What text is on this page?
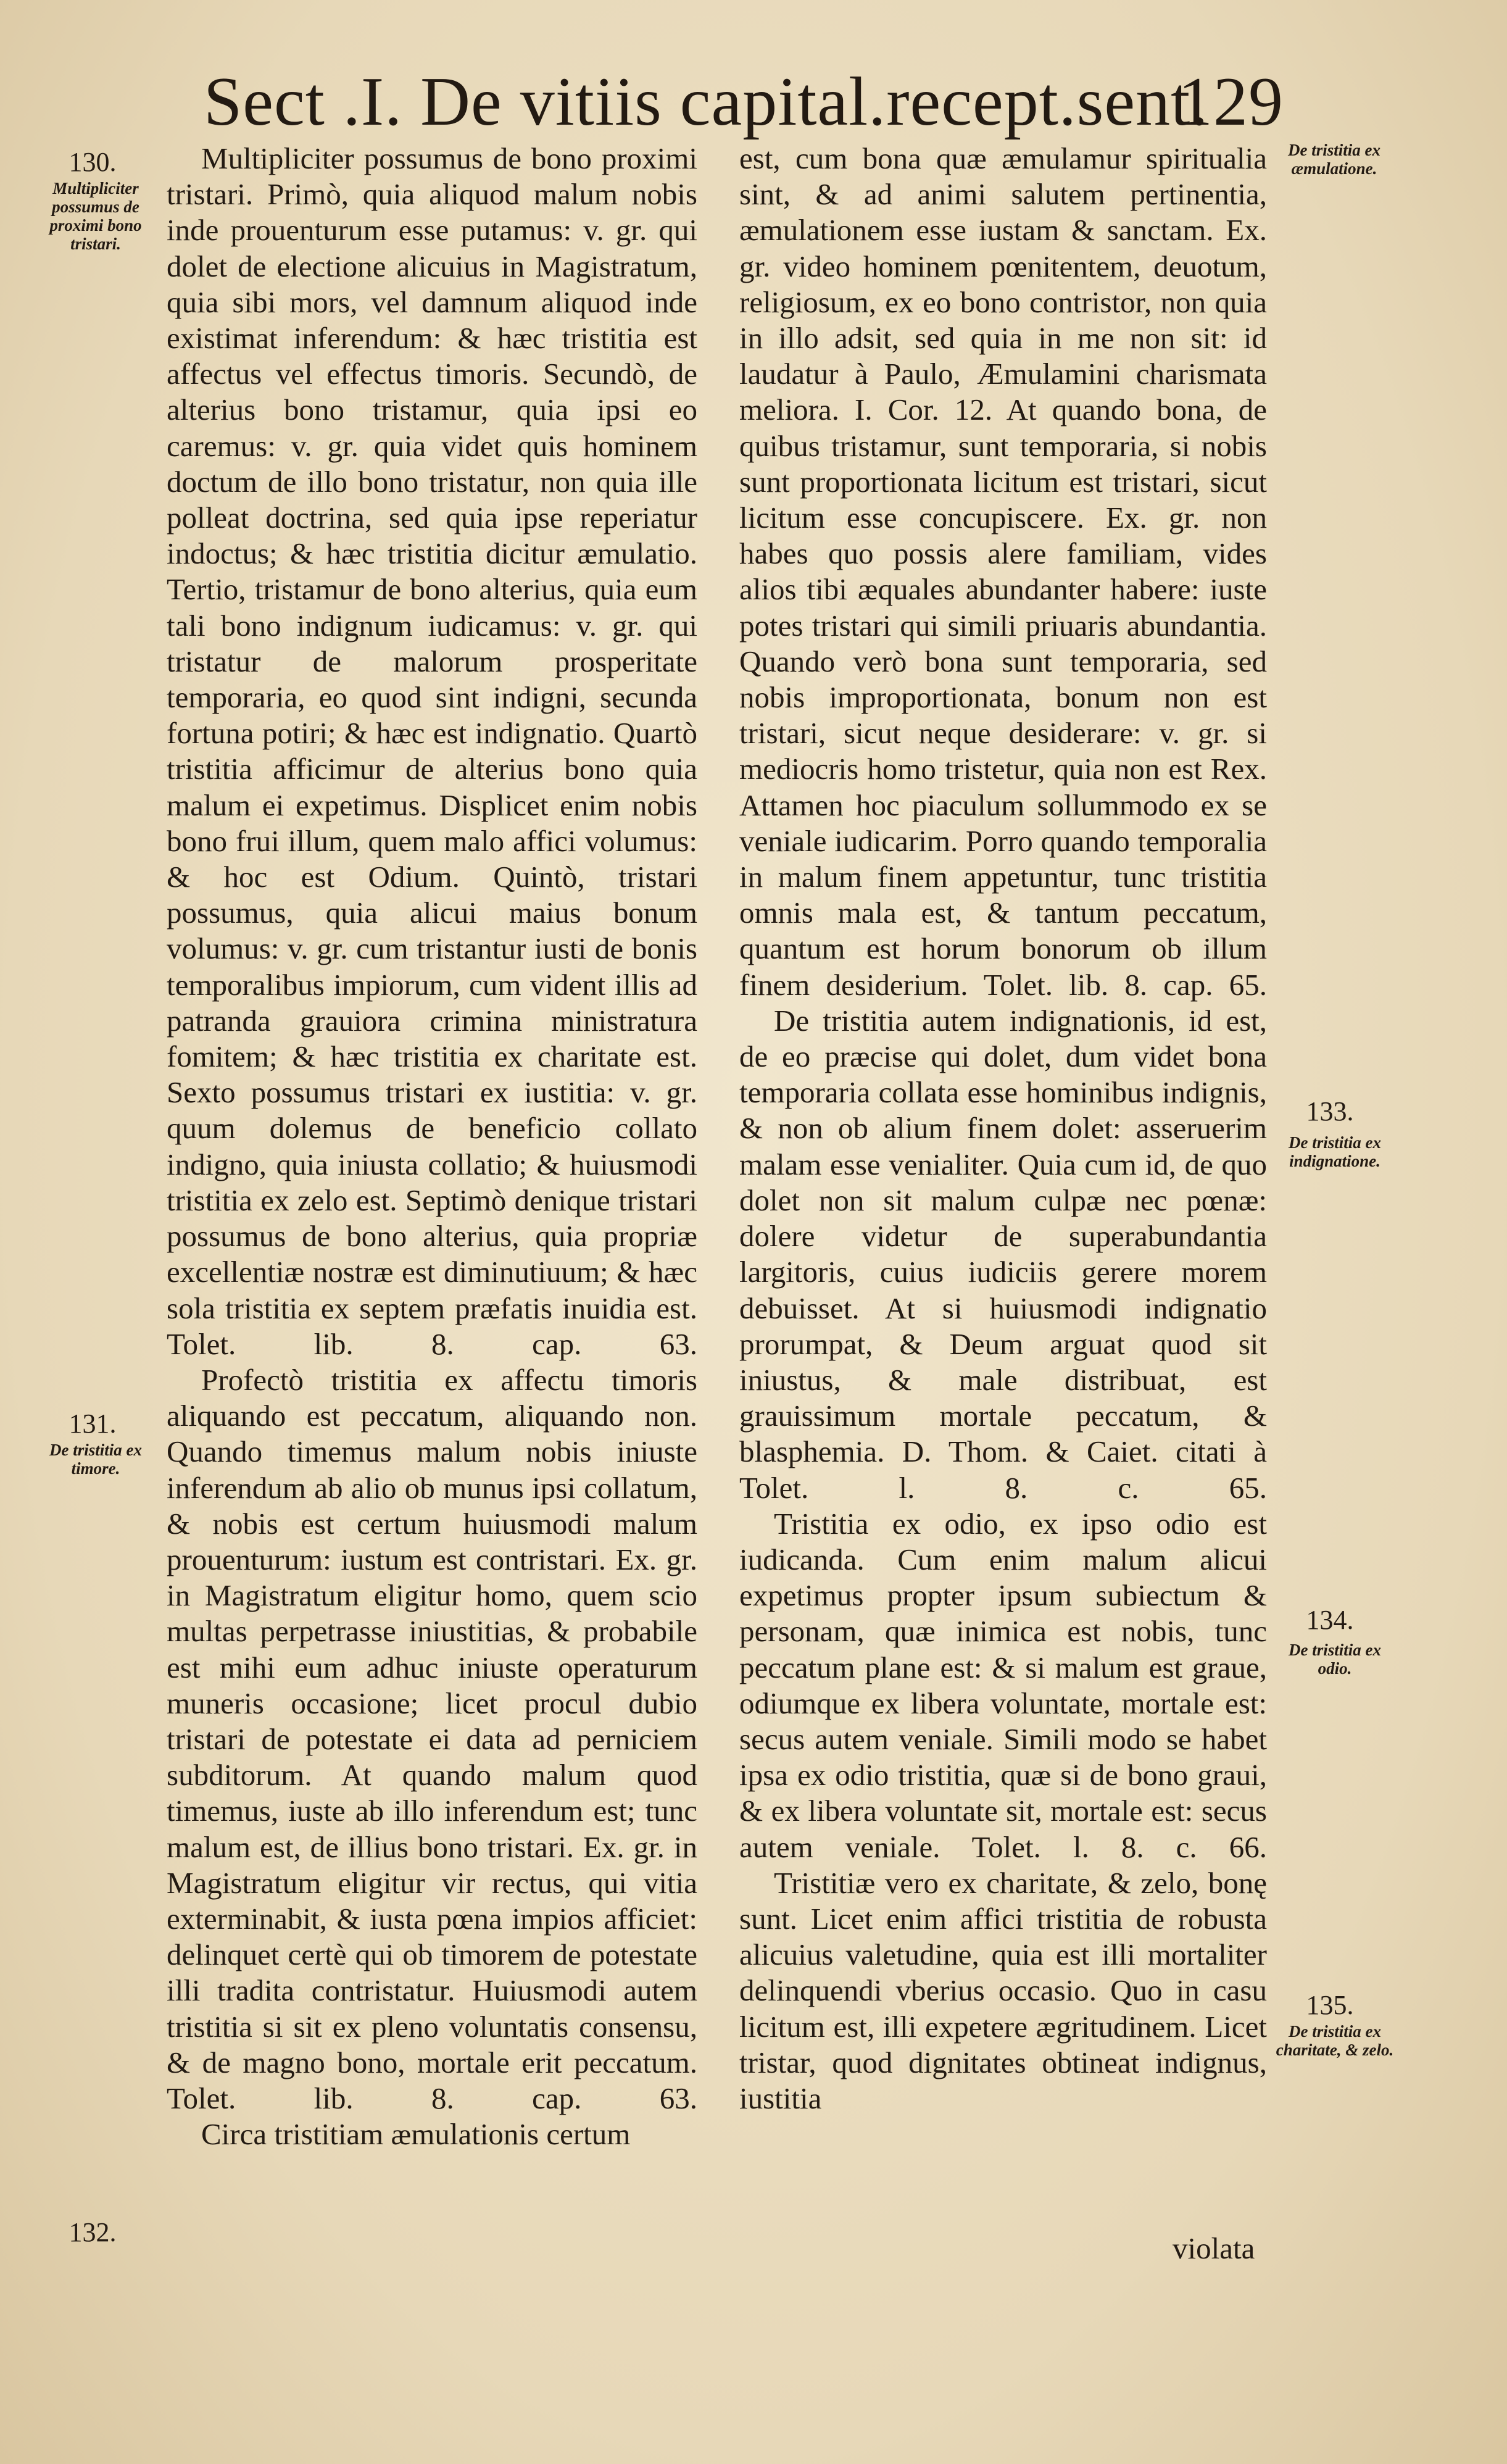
Sect .I. De vitiis capital.recept.sent.
129
130.
Multipliciter possumus de proximi bono tristari.
131.
De tristitia ex timore.
132.
De tristitia ex æmulatione.
133.
De tristitia ex indignatione.
134.
De tristitia ex odio.
135.
De tristitia ex charitate, & zelo.

Multipliciter possumus de bono proximi tristari. Primò, quia aliquod malum nobis inde prouenturum esse putamus: v. gr. qui dolet de electione alicuius in Magistratum, quia sibi mors, vel damnum aliquod inde existimat inferendum: & hæc tristitia est affectus vel effectus timoris. Secundò, de alterius bono tristamur, quia ipsi eo caremus: v. gr. quia videt quis hominem doctum de illo bono tristatur, non quia ille polleat doctrina, sed quia ipse reperiatur indoctus; & hæc tristitia dicitur æmulatio. Tertio, tristamur de bono alterius, quia eum tali bono indignum iudicamus: v. gr. qui tristatur de malorum prosperitate temporaria, eo quod sint indigni, secunda fortuna potiri; & hæc est indignatio. Quartò tristitia afficimur de alterius bono quia malum ei expetimus. Displicet enim nobis bono frui illum, quem malo affici volumus: & hoc est Odium. Quintò, tristari possumus, quia alicui maius bonum volumus: v. gr. cum tristantur iusti de bonis temporalibus impiorum, cum vident illis ad patranda grauiora crimina ministratura fomitem; & hæc tristitia ex charitate est. Sexto possumus tristari ex iustitia: v. gr. quum dolemus de beneficio collato indigno, quia iniusta collatio; & huiusmodi tristitia ex zelo est. Septimò denique tristari possumus de bono alterius, quia propriæ excellentiæ nostræ est diminutiuum; & hæc sola tristitia ex septem præfatis inuidia est. Tolet. lib. 8. cap. 63.

Profectò tristitia ex affectu timoris aliquando est peccatum, aliquando non. Quando timemus malum nobis iniuste inferendum ab alio ob munus ipsi collatum, & nobis est certum huiusmodi malum prouenturum: iustum est contristari. Ex. gr. in Magistratum eligitur homo, quem scio multas perpetrasse iniustitias, & probabile est mihi eum adhuc iniuste operaturum muneris occasione; licet procul dubio tristari de potestate ei data ad perniciem subditorum. At quando malum quod timemus, iuste ab illo inferendum est; tunc malum est, de illius bono tristari. Ex. gr. in Magistratum eligitur vir rectus, qui vitia exterminabit, & iusta pœna impios afficiet: delinquet certè qui ob timorem de potestate illi tradita contristatur. Huiusmodi autem tristitia si sit ex pleno voluntatis consensu, & de magno bono, mortale erit peccatum. Tolet. lib. 8. cap. 63.

Circa tristitiam æmulationis certum

est, cum bona quæ æmulamur spiritualia sint, & ad animi salutem pertinentia, æmulationem esse iustam & sanctam. Ex. gr. video hominem pœnitentem, deuotum, religiosum, ex eo bono contristor, non quia in illo adsit, sed quia in me non sit: id laudatur à Paulo, Æmulamini charismata meliora. I. Cor. 12. At quando bona, de quibus tristamur, sunt temporaria, si nobis sunt proportionata licitum est tristari, sicut licitum esse concupiscere. Ex. gr. non habes quo possis alere familiam, vides alios tibi æquales abundanter habere: iuste potes tristari qui simili priuaris abundantia. Quando verò bona sunt temporaria, sed nobis improportionata, bonum non est tristari, sicut neque desiderare: v. gr. si mediocris homo tristetur, quia non est Rex. Attamen hoc piaculum sollummodo ex se veniale iudicarim. Porro quando temporalia in malum finem appetuntur, tunc tristitia omnis mala est, & tantum peccatum, quantum est horum bonorum ob illum finem desiderium. Tolet. lib. 8. cap. 65.

De tristitia autem indignationis, id est, de eo præcise qui dolet, dum videt bona temporaria collata esse hominibus indignis, & non ob alium finem dolet: asseruerim malam esse venialiter. Quia cum id, de quo dolet non sit malum culpæ nec pœnæ: dolere videtur de superabundantia largitoris, cuius iudiciis gerere morem debuisset. At si huiusmodi indignatio prorumpat, & Deum arguat quod sit iniustus, & male distribuat, est grauissimum mortale peccatum, & blasphemia. D. Thom. & Caiet. citati à Tolet. l. 8. c. 65.

Tristitia ex odio, ex ipso odio est iudicanda. Cum enim malum alicui expetimus propter ipsum subiectum & personam, quæ inimica est nobis, tunc peccatum plane est: & si malum est graue, odiumque ex libera voluntate, mortale est: secus autem veniale. Simili modo se habet ipsa ex odio tristitia, quæ si de bono graui, & ex libera voluntate sit, mortale est: secus autem veniale. Tolet. l. 8. c. 66.

Tristitiæ vero ex charitate, & zelo, bonę sunt. Licet enim affici tristitia de robusta alicuius valetudine, quia est illi mortaliter delinquendi vberius occasio. Quo in casu licitum est, illi expetere ægritudinem. Licet tristar, quod dignitates obtineat indignus, iustitia

violata
